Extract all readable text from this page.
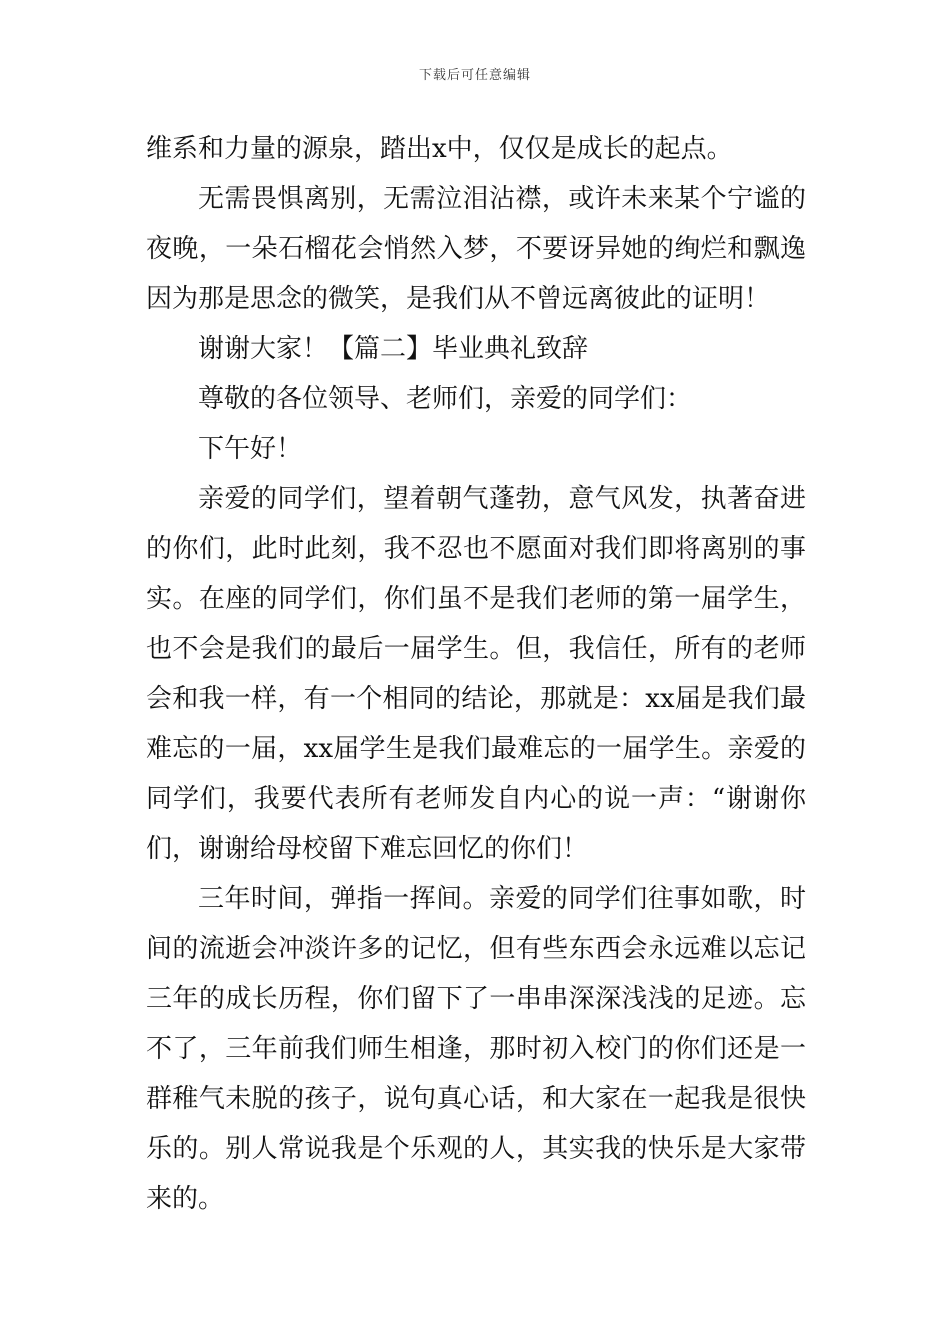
下载后可任意编辑

维系和力量的源泉，踏出x中，仅仅是成长的起点。

无需畏惧离别，无需泣泪沾襟，或许未来某个宁谧的夜晚，一朵石榴花会悄然入梦，不要讶异她的绚烂和飘逸因为那是思念的微笑，是我们从不曾远离彼此的证明！

谢谢大家！【篇二】毕业典礼致辞

尊敬的各位领导、老师们，亲爱的同学们：

下午好！

亲爱的同学们，望着朝气蓬勃，意气风发，执著奋进的你们，此时此刻，我不忍也不愿面对我们即将离别的事实。在座的同学们，你们虽不是我们老师的第一届学生，也不会是我们的最后一届学生。但，我信任，所有的老师会和我一样，有一个相同的结论，那就是：xx届是我们最难忘的一届，xx届学生是我们最难忘的一届学生。亲爱的同学们，我要代表所有老师发自内心的说一声：“谢谢你们，谢谢给母校留下难忘回忆的你们！

三年时间，弹指一挥间。亲爱的同学们往事如歌，时间的流逝会冲淡许多的记忆，但有些东西会永远难以忘记三年的成长历程，你们留下了一串串深深浅浅的足迹。忘不了，三年前我们师生相逢，那时初入校门的你们还是一群稚气未脱的孩子，说句真心话，和大家在一起我是很快乐的。别人常说我是个乐观的人，其实我的快乐是大家带来的。
